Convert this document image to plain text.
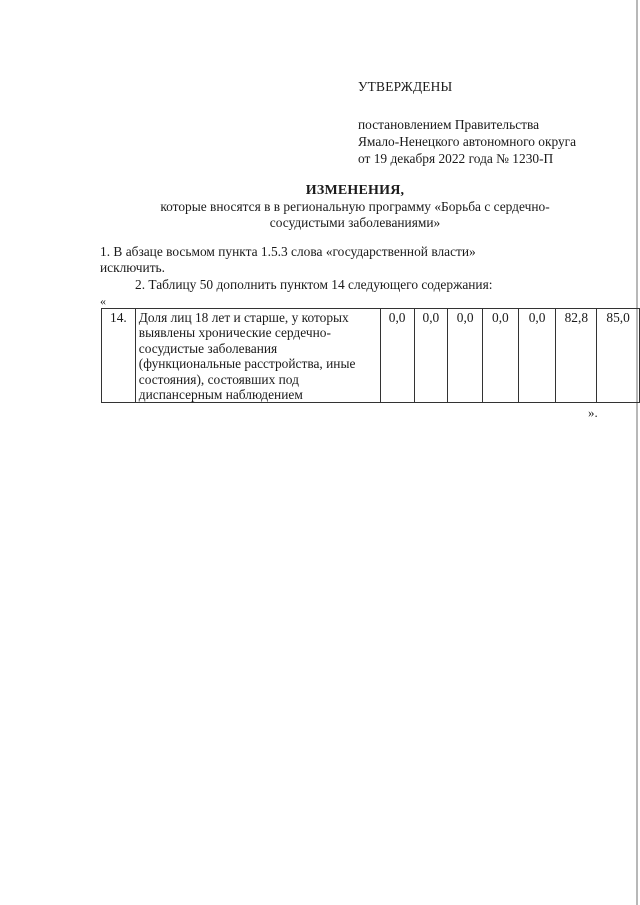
УТВЕРЖДЕНЫ
постановлением Правительства
Ямало-Ненецкого автономного округа
от 19 декабря 2022 года № 1230-П
ИЗМЕНЕНИЯ,
которые вносятся в в региональную программу «Борьба с сердечно-
сосудистыми заболеваниями»
1. В абзаце восьмом пункта 1.5.3 слова «государственной власти»
исключить.
2. Таблицу 50 дополнить пунктом 14 следующего содержания:
«
14.	Доля лиц 18 лет и старше, у которых
выявлены хронические сердечно-
сосудистые заболевания
(функциональные расстройства, иные
состояния), состоявших под
диспансерным наблюдением
	0,0	0,0	0,0	0,0	0,0	82,8	85,0
».
